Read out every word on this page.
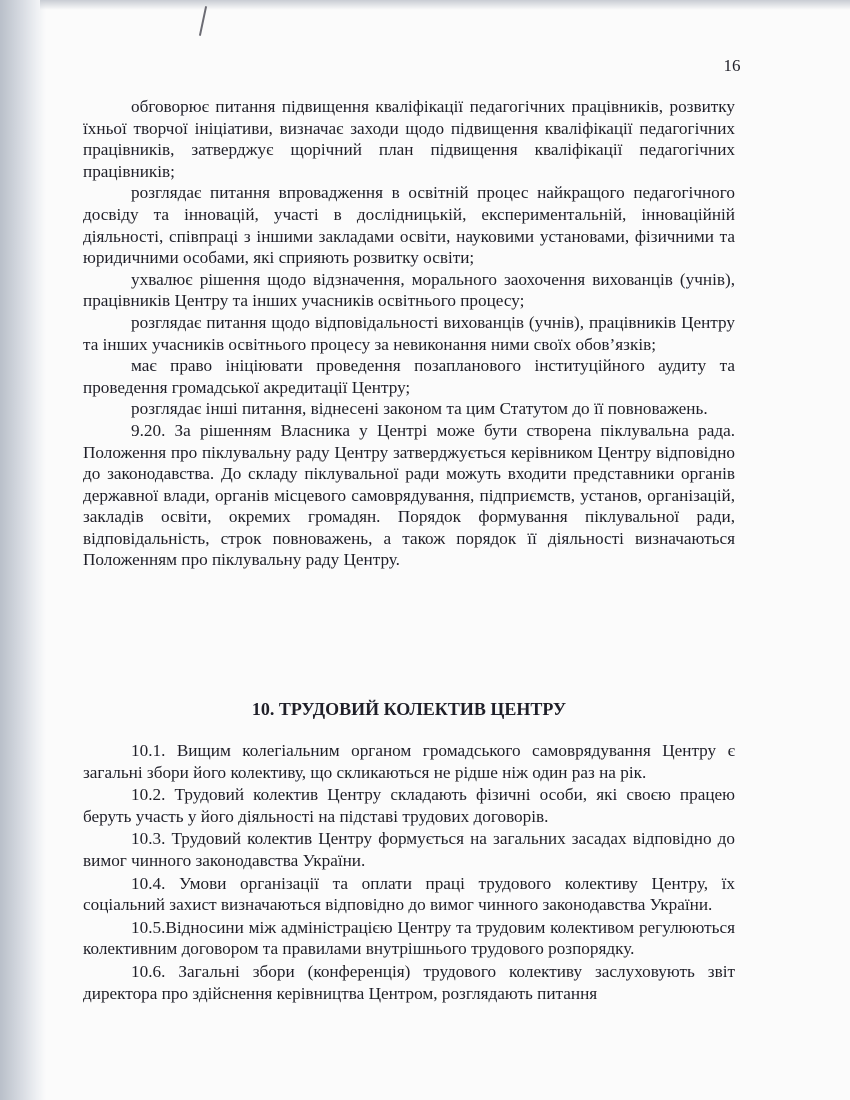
16

обговорює питання підвищення кваліфікації педагогічних працівників, розвитку їхньої творчої ініціативи, визначає заходи щодо підвищення кваліфікації педагогічних працівників, затверджує щорічний план підвищення кваліфікації педагогічних працівників;

розглядає питання впровадження в освітній процес найкращого педагогічного досвіду та інновацій, участі в дослідницькій, експериментальній, інноваційній діяльності, співпраці з іншими закладами освіти, науковими установами, фізичними та юридичними особами, які сприяють розвитку освіти;

ухвалює рішення щодо відзначення, морального заохочення вихованців (учнів), працівників Центру та інших учасників освітнього процесу;

розглядає питання щодо відповідальності вихованців (учнів), працівників Центру та інших учасників освітнього процесу за невиконання ними своїх обов’язків;

має право ініціювати проведення позапланового інституційного аудиту та проведення громадської акредитації Центру;

розглядає інші питання, віднесені законом та цим Статутом до її повноважень.

9.20. За рішенням Власника у Центрі може бути створена піклувальна рада. Положення про піклувальну раду Центру затверджується керівником Центру відповідно до законодавства. До складу піклувальної ради можуть входити представники органів державної влади, органів місцевого самоврядування, підприємств, установ, організацій, закладів освіти, окремих громадян. Порядок формування піклувальної ради, відповідальність, строк повноважень, а також порядок її діяльності визначаються Положенням про піклувальну раду Центру.

10. ТРУДОВИЙ КОЛЕКТИВ ЦЕНТРУ

10.1. Вищим колегіальним органом громадського самоврядування Центру є загальні збори його колективу, що скликаються не рідше ніж один раз на рік.

10.2. Трудовий колектив Центру складають фізичні особи, які своєю працею беруть участь у його діяльності на підставі трудових договорів.

10.3. Трудовий колектив Центру формується на загальних засадах відповідно до вимог чинного законодавства України.

10.4. Умови організації та оплати праці трудового колективу Центру, їх соціальний захист визначаються відповідно до вимог чинного законодавства України.

10.5.Відносини між адміністрацією Центру та трудовим колективом регулюються колективним договором та правилами внутрішнього трудового розпорядку.

10.6. Загальні збори (конференція) трудового колективу заслуховують звіт директора про здійснення керівництва Центром, розглядають питання
